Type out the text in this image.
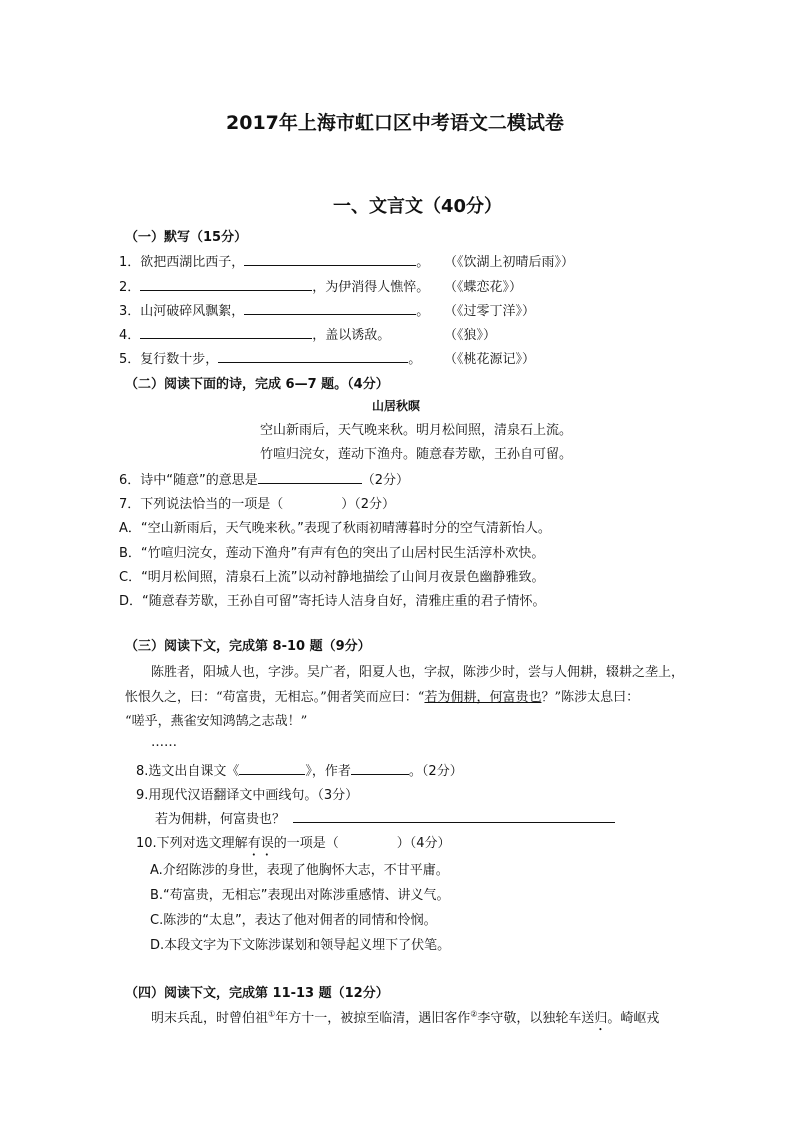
2017年上海市虹口区中考语文二模试卷
一、文言文（40分）
（一）默写（15分）
1．欲把西湖比西子，	。 （《饮湖上初晴后雨》）
2．	，为伊消得人憔悴。 （《蝶恋花》）
3．山河破碎风飘絮，	。 （《过零丁洋》）
4．	，盖以诱敌。	（《狼》）
5．复行数十步，	。 （《桃花源记》）
（二）阅读下面的诗，完成 6—7 题。（4分）
山居秋暝
空山新雨后，天气晚来秋。明月松间照，清泉石上流。
竹喧归浣女，莲动下渔舟。随意春芳歇，王孙自可留。
6．诗中“随意”的意思是	（2分）
7．下列说法恰当的一项是（	）（2分）
A．“空山新雨后，天气晚来秋。”表现了秋雨初晴薄暮时分的空气清新怡人。
B．“竹喧归浣女，莲动下渔舟”有声有色的突出了山居村民生活淳朴欢快。
C．“明月松间照，清泉石上流”以动衬静地描绘了山间月夜景色幽静雅致。
D．“随意春芳歇，王孙自可留”寄托诗人洁身自好，清雅庄重的君子情怀。
（三）阅读下文，完成第 8-10 题（9分）
陈胜者，阳城人也，字涉。吴广者，阳夏人也，字叔，陈涉少时，尝与人佣耕，辍耕之垄上，
怅恨久之，曰：“苟富贵，无相忘。”佣者笑而应曰：“若为佣耕，何富贵也？”陈涉太息曰：
“嗟乎，燕雀安知鸿鹄之志哉！”
……
8.选文出自课文《	》，作者	。（2分）
9.用现代汉语翻译文中画线句。（3分）
若为佣耕，何富贵也？
10.下列对选文理解有误的一项是（	）（4分）
A.介绍陈涉的身世，表现了他胸怀大志，不甘平庸。
B.“苟富贵，无相忘”表现出对陈涉重感情、讲义气。
C.陈涉的“太息”，表达了他对佣者的同情和怜悯。
D.本段文字为下文陈涉谋划和领导起义埋下了伏笔。
（四）阅读下文，完成第 11-13 题（12分）
明末兵乱，时曾伯祖①年方十一，被掠至临清，遇旧客作②李守敬，以独轮车送归。崎岖戎
